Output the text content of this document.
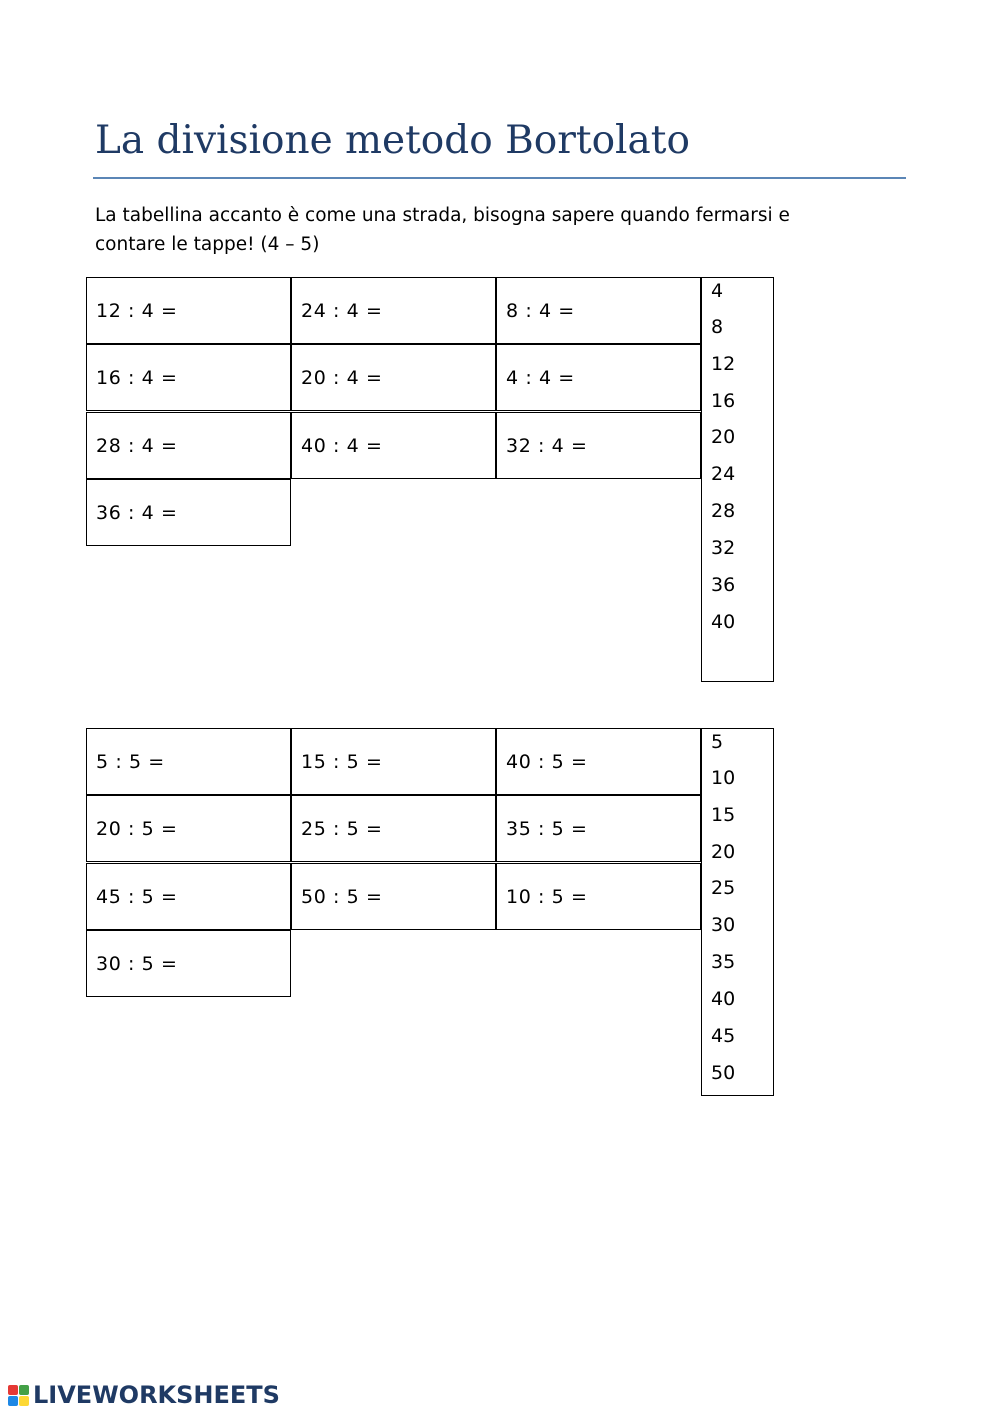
La divisione metodo Bortolato

La tabellina accanto è come una strada, bisogna sapere quando fermarsi e
contare le tappe! (4 – 5)

12 : 4 =	24 : 4 =	8 : 4 =
16 : 4 =	20 : 4 =	4 : 4 =
28 : 4 =	40 : 4 =	32 : 4 =
36 : 4 =
4
8
12
16
20
24
28
32
36
40
5 : 5 =	15 : 5 =	40 : 5 =
20 : 5 =	25 : 5 =	35 : 5 =
45 : 5 =	50 : 5 =	10 : 5 =
30 : 5 =
5
10
15
20
25
30
35
40
45
50
LIVEWORKSHEETS
